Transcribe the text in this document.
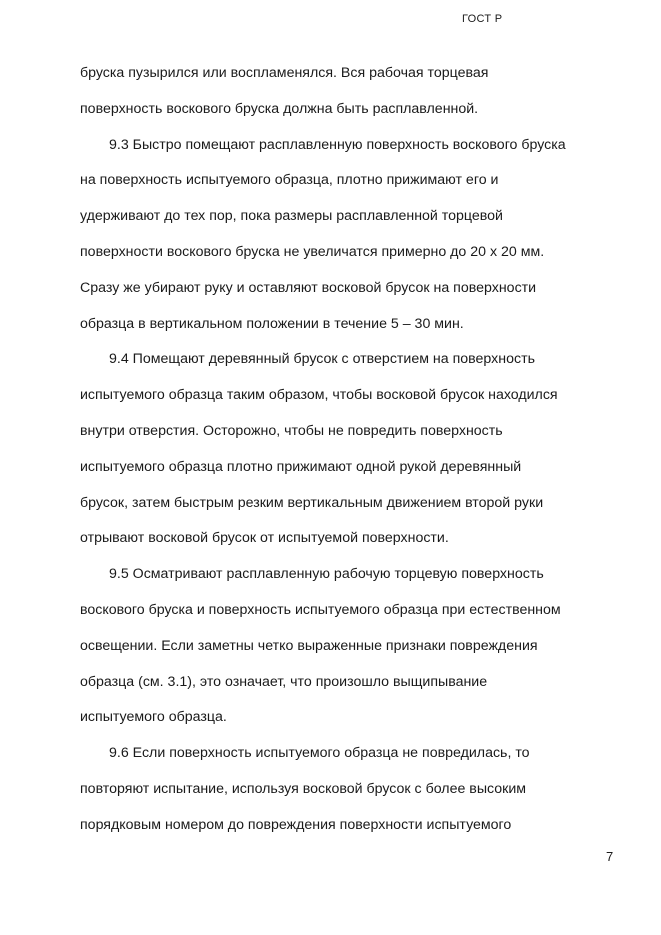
ГОСТ Р
бруска пузырился или воспламенялся. Вся рабочая торцевая
поверхность воскового бруска должна быть расплавленной.
9.3 Быстро помещают расплавленную поверхность воскового бруска
на поверхность испытуемого образца, плотно прижимают его и
удерживают до тех пор, пока размеры расплавленной торцевой
поверхности воскового бруска не увеличатся примерно до 20 x 20 мм.
Сразу же убирают руку и оставляют восковой брусок на поверхности
образца в вертикальном положении в течение 5 – 30 мин.
9.4 Помещают деревянный брусок с отверстием на поверхность
испытуемого образца таким образом, чтобы восковой брусок находился
внутри отверстия. Осторожно, чтобы не повредить поверхность
испытуемого образца плотно прижимают одной рукой деревянный
брусок, затем быстрым резким вертикальным движением второй руки
отрывают восковой брусок от испытуемой поверхности.
9.5 Осматривают расплавленную рабочую торцевую поверхность
воскового бруска и поверхность испытуемого образца при естественном
освещении. Если заметны четко выраженные признаки повреждения
образца (см. 3.1), это означает, что произошло выщипывание
испытуемого образца.
9.6 Если поверхность испытуемого образца не повредилась, то
повторяют испытание, используя восковой брусок с более высоким
порядковым номером до повреждения поверхности испытуемого
7
